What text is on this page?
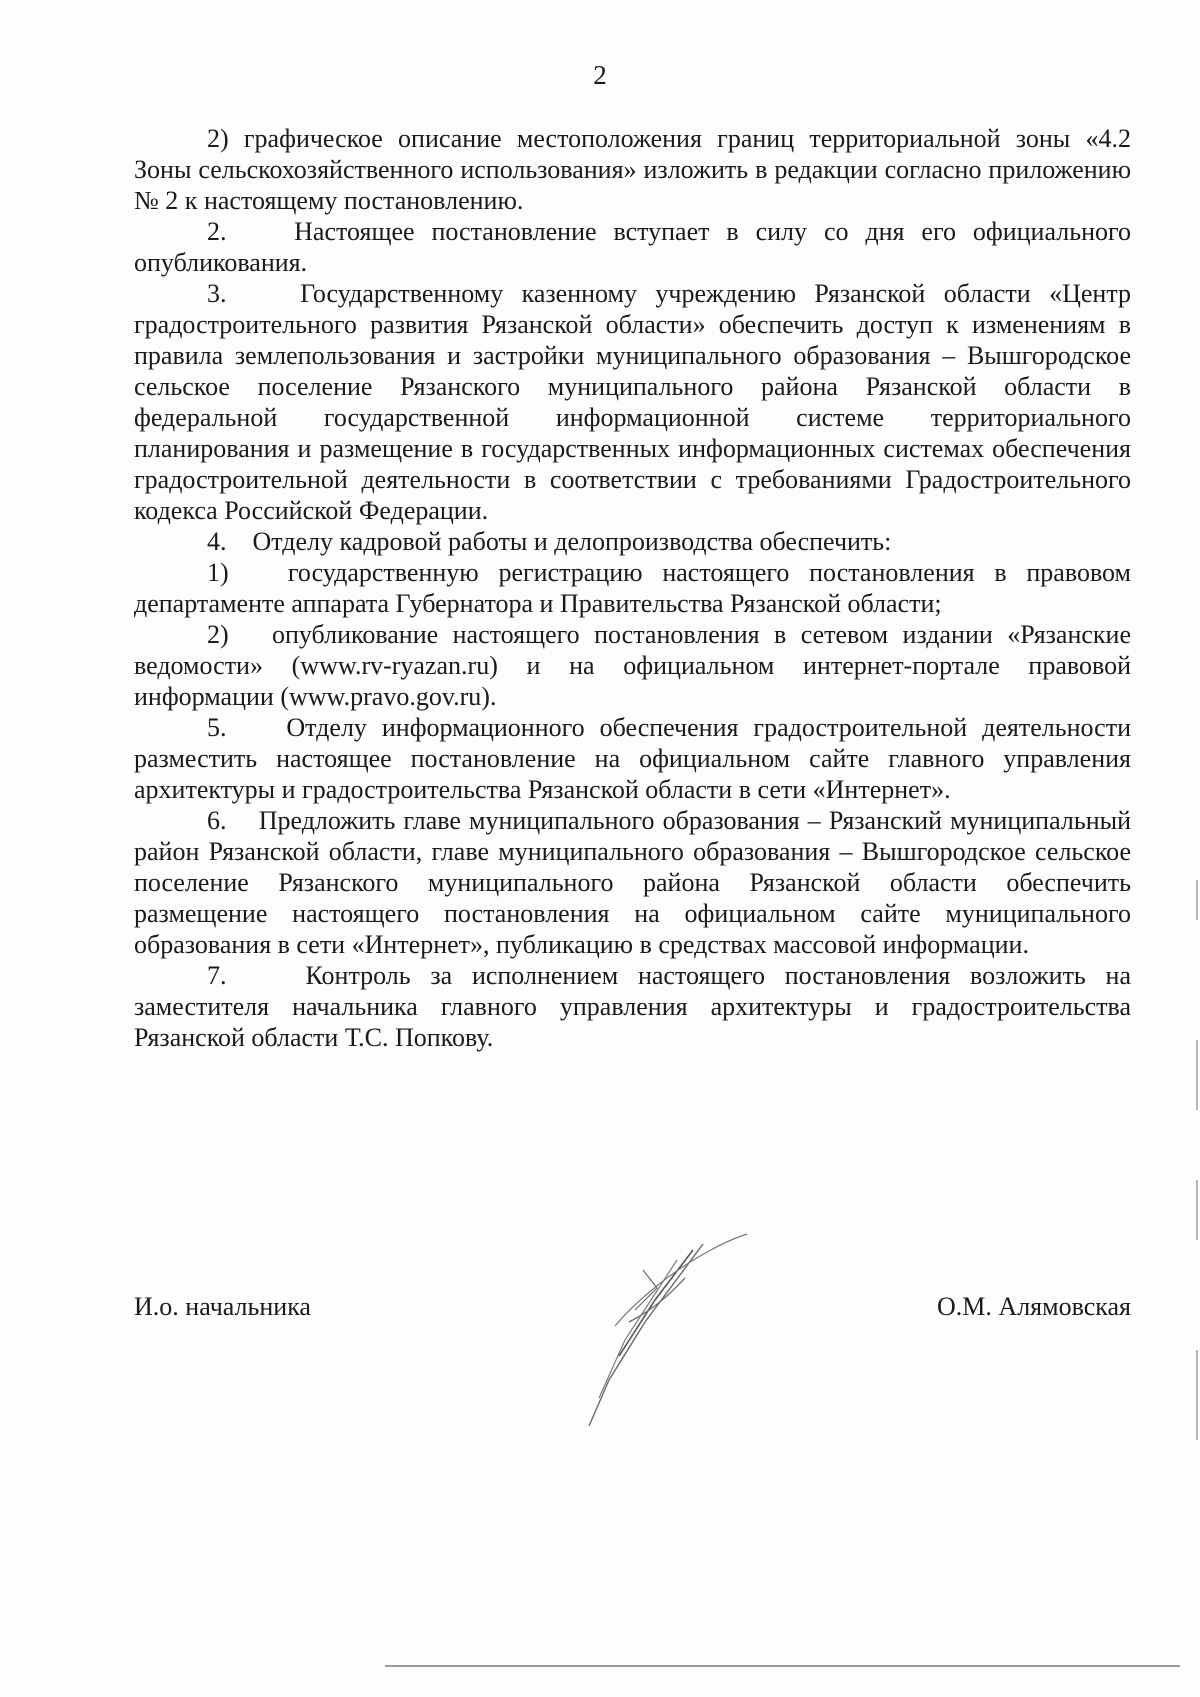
2

2) графическое описание местоположения границ территориальной зоны «4.2 Зоны сельскохозяйственного использования» изложить в редакции согласно приложению № 2 к настоящему постановлению.

2.    Настоящее постановление вступает в силу со дня его официального опубликования.

3.    Государственному казенному учреждению Рязанской области «Центр градостроительного развития Рязанской области» обеспечить доступ к изменениям в правила землепользования и застройки муниципального образования – Вышгородское сельское поселение Рязанского муниципального района Рязанской области в федеральной государственной информационной системе территориального планирования и размещение в государственных информационных системах обеспечения градостроительной деятельности в соответствии с требованиями Градостроительного кодекса Российской Федерации.

4.    Отделу кадровой работы и делопроизводства обеспечить:

1)   государственную регистрацию настоящего постановления в правовом департаменте аппарата Губернатора и Правительства Рязанской области;

2)   опубликование настоящего постановления в сетевом издании «Рязанские ведомости» (www.rv-ryazan.ru) и на официальном интернет-портале правовой информации (www.pravo.gov.ru).

5.    Отделу информационного обеспечения градостроительной деятельности разместить настоящее постановление на официальном сайте главного управления архитектуры и градостроительства Рязанской области в сети «Интернет».

6.    Предложить главе муниципального образования – Рязанский муниципальный район Рязанской области, главе муниципального образования – Вышгородское сельское поселение Рязанского муниципального района Рязанской области обеспечить размещение настоящего постановления на официальном сайте муниципального образования в сети «Интернет», публикацию в средствах массовой информации.

7.    Контроль за исполнением настоящего постановления возложить на заместителя начальника главного управления архитектуры и градостроительства Рязанской области Т.С. Попкову.

И.о. начальника	О.М. Алямовская
